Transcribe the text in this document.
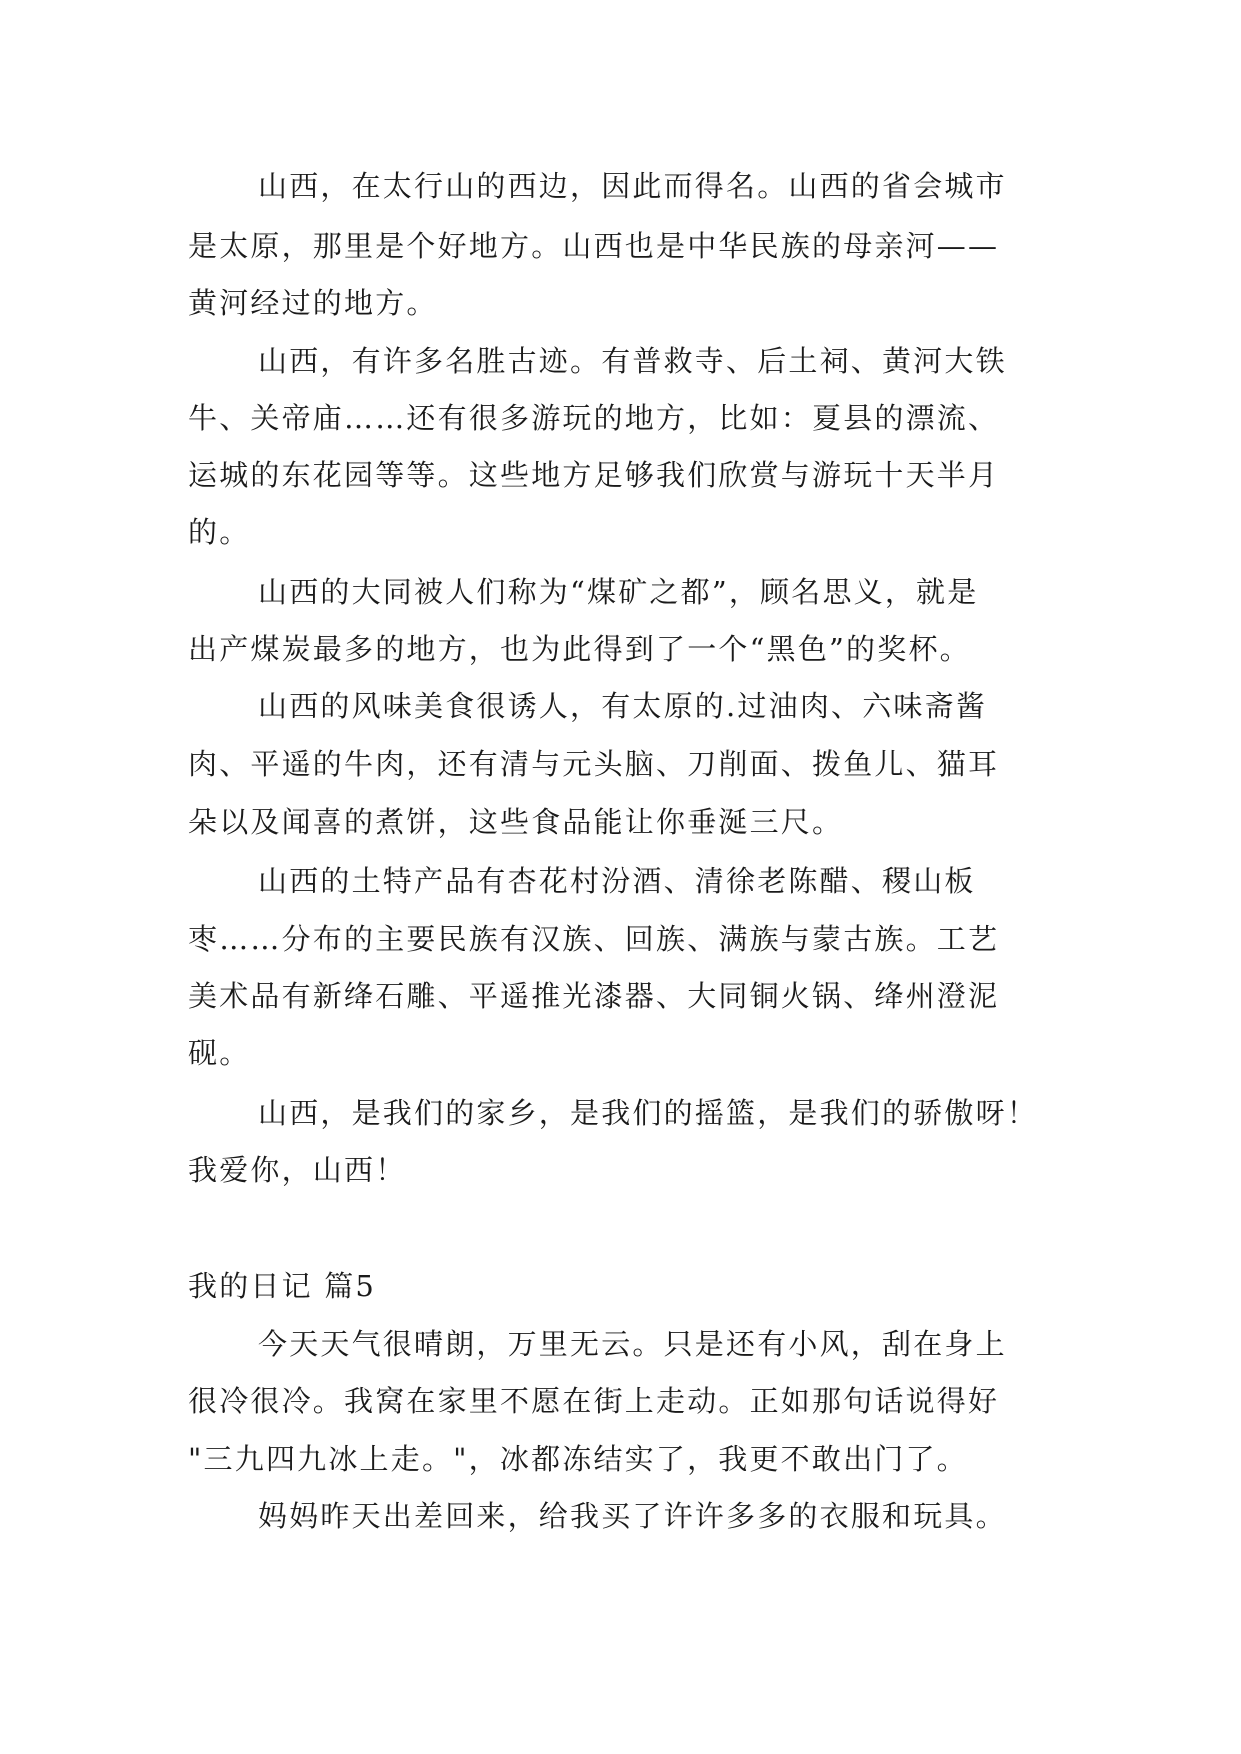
山西，在太行山的西边，因此而得名。山西的省会城市
是太原，那里是个好地方。山西也是中华民族的母亲河——
黄河经过的地方。
山西，有许多名胜古迹。有普救寺、后土祠、黄河大铁
牛、关帝庙……还有很多游玩的地方，比如：夏县的漂流、
运城的东花园等等。这些地方足够我们欣赏与游玩十天半月
的。
山西的大同被人们称为“煤矿之都”，顾名思义，就是
出产煤炭最多的地方，也为此得到了一个“黑色”的奖杯。
山西的风味美食很诱人，有太原的.过油肉、六味斋酱
肉、平遥的牛肉，还有清与元头脑、刀削面、拨鱼儿、猫耳
朵以及闻喜的煮饼，这些食品能让你垂涎三尺。
山西的土特产品有杏花村汾酒、清徐老陈醋、稷山板
枣……分布的主要民族有汉族、回族、满族与蒙古族。工艺
美术品有新绛石雕、平遥推光漆器、大同铜火锅、绛州澄泥
砚。
山西，是我们的家乡，是我们的摇篮，是我们的骄傲呀！
我爱你，山西！
我的日记 篇5
今天天气很晴朗，万里无云。只是还有小风，刮在身上
很冷很冷。我窝在家里不愿在街上走动。正如那句话说得好
"三九四九冰上走。"，冰都冻结实了，我更不敢出门了。
妈妈昨天出差回来，给我买了许许多多的衣服和玩具。
